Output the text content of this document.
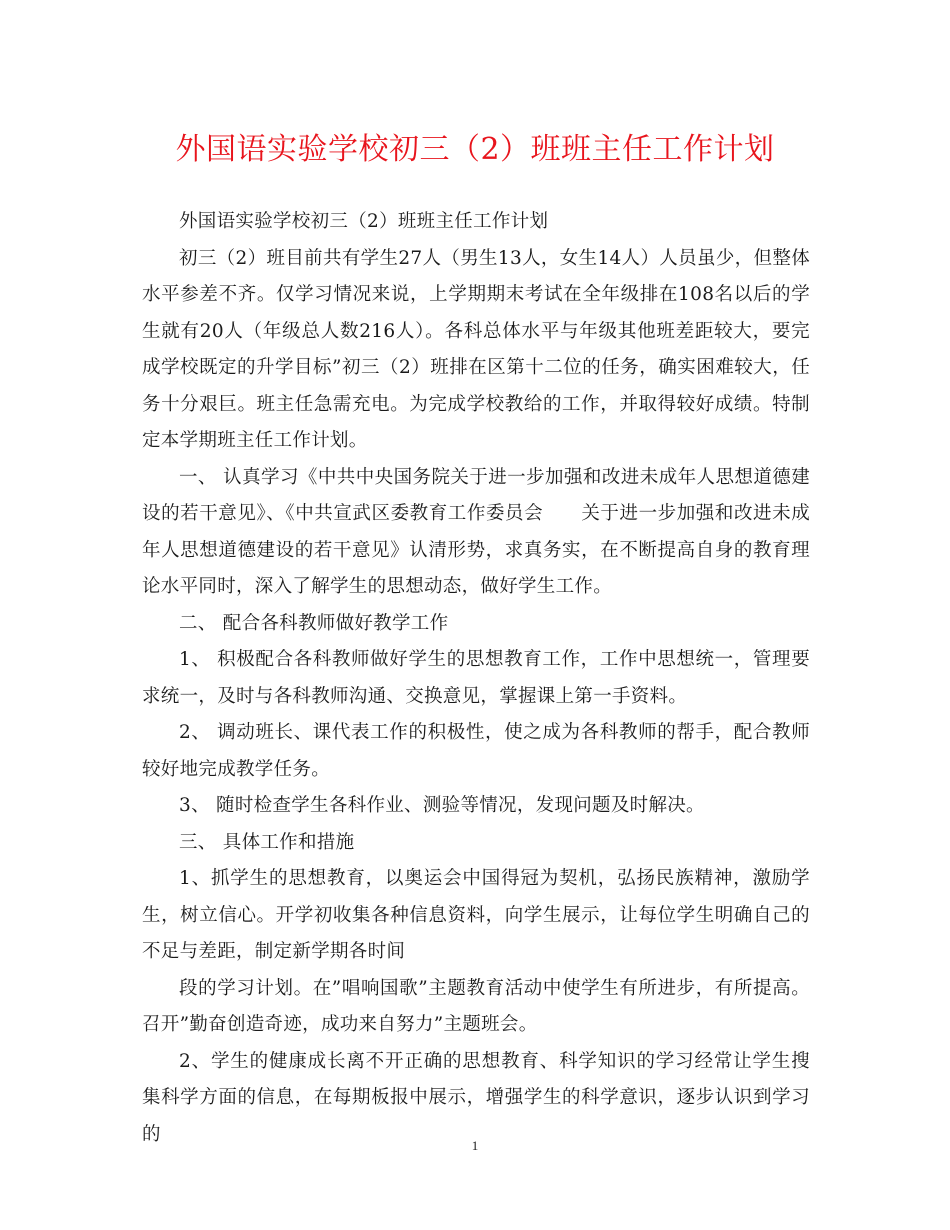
外国语实验学校初三（2）班班主任工作计划

外国语实验学校初三（2）班班主任工作计划

初三（2）班目前共有学生27人（男生13人，女生14人）人员虽少，但整体水平参差不齐。仅学习情况来说，上学期期末考试在全年级排在108名以后的学生就有20人（年级总人数216人）。各科总体水平与年级其他班差距较大，要完成学校既定的升学目标”初三（2）班排在区第十二位的任务，确实困难较大，任务十分艰巨。班主任急需充电。为完成学校教给的工作，并取得较好成绩。特制定本学期班主任工作计划。

一、 认真学习《中共中央国务院关于进一步加强和改进未成年人思想道德建设的若干意见》、《中共宣武区委教育工作委员会　　关于进一步加强和改进未成年人思想道德建设的若干意见》认清形势，求真务实，在不断提高自身的教育理论水平同时，深入了解学生的思想动态，做好学生工作。

二、 配合各科教师做好教学工作

1、 积极配合各科教师做好学生的思想教育工作，工作中思想统一，管理要求统一，及时与各科教师沟通、交换意见，掌握课上第一手资料。

2、 调动班长、课代表工作的积极性，使之成为各科教师的帮手，配合教师较好地完成教学任务。

3、 随时检查学生各科作业、测验等情况，发现问题及时解决。

三、 具体工作和措施

1、抓学生的思想教育，以奥运会中国得冠为契机，弘扬民族精神，激励学生，树立信心。开学初收集各种信息资料，向学生展示，让每位学生明确自己的不足与差距，制定新学期各时间

段的学习计划。在”唱响国歌”主题教育活动中使学生有所进步，有所提高。召开”勤奋创造奇迹，成功来自努力”主题班会。

2、学生的健康成长离不开正确的思想教育、科学知识的学习经常让学生搜集科学方面的信息，在每期板报中展示，增强学生的科学意识，逐步认识到学习的

1
